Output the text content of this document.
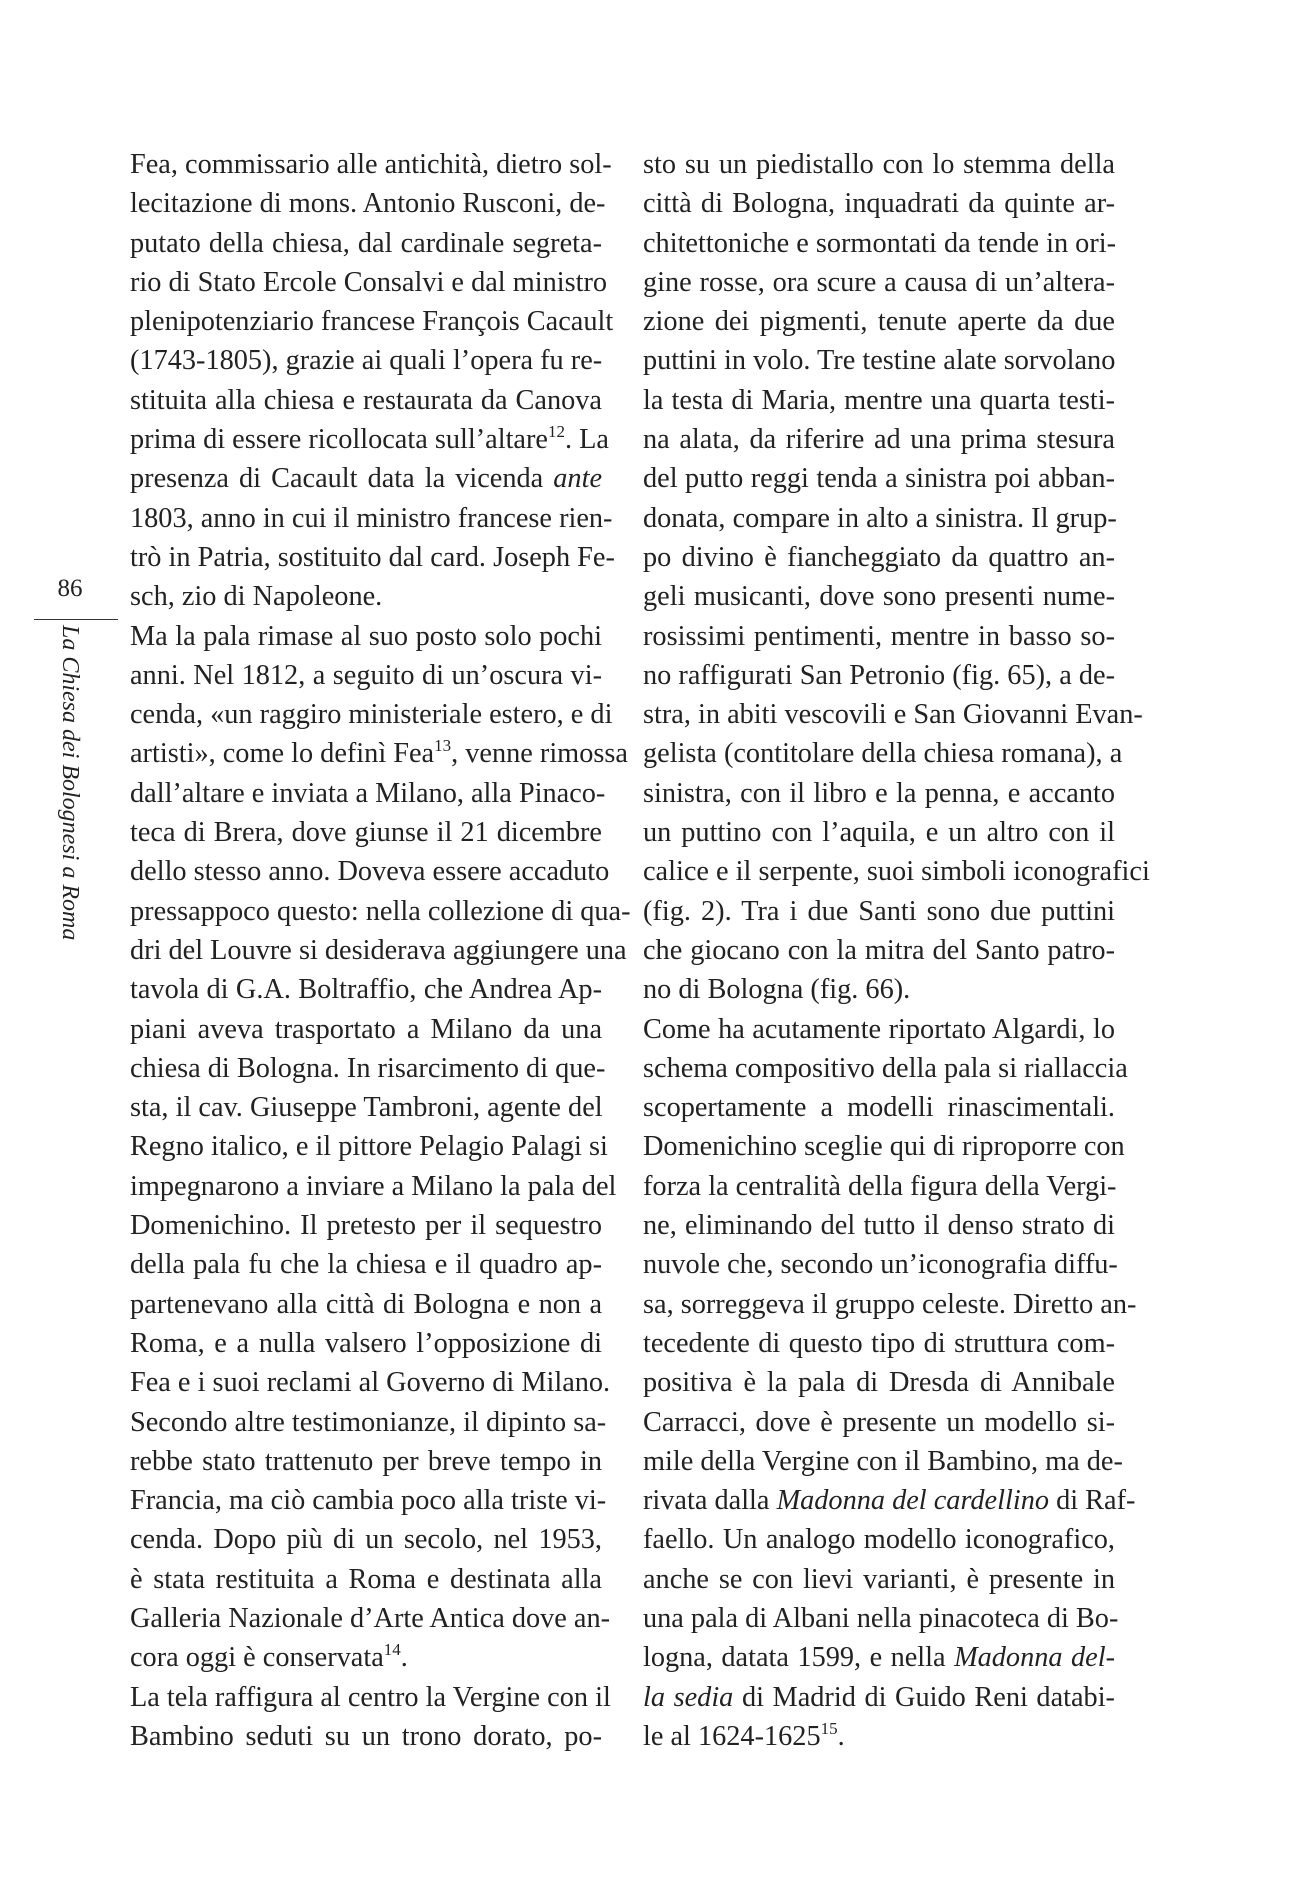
86
La Chiesa dei Bolognesi a Roma
Fea, commissario alle antichità, dietro sol-
lecitazione di mons. Antonio Rusconi, de-
putato della chiesa, dal cardinale segreta-
rio di Stato Ercole Consalvi e dal ministro
plenipotenziario francese François Cacault
(1743-1805), grazie ai quali l’opera fu re-
stituita alla chiesa e restaurata da Canova
prima di essere ricollocata sull’altare$^{12}$. La
presenza di Cacault data la vicenda ante
1803, anno in cui il ministro francese rien-
trò in Patria, sostituito dal card. Joseph Fe-
sch, zio di Napoleone.
Ma la pala rimase al suo posto solo pochi
anni. Nel 1812, a seguito di un’oscura vi-
cenda, «un raggiro ministeriale estero, e di
artisti», come lo definì Fea$^{13}$, venne rimossa
dall’altare e inviata a Milano, alla Pinaco-
teca di Brera, dove giunse il 21 dicembre
dello stesso anno. Doveva essere accaduto
pressappoco questo: nella collezione di qua-
dri del Louvre si desiderava aggiungere una
tavola di G.A. Boltraffio, che Andrea Ap-
piani aveva trasportato a Milano da una
chiesa di Bologna. In risarcimento di que-
sta, il cav. Giuseppe Tambroni, agente del
Regno italico, e il pittore Pelagio Palagi si
impegnarono a inviare a Milano la pala del
Domenichino. Il pretesto per il sequestro
della pala fu che la chiesa e il quadro ap-
partenevano alla città di Bologna e non a
Roma, e a nulla valsero l’opposizione di
Fea e i suoi reclami al Governo di Milano.
Secondo altre testimonianze, il dipinto sa-
rebbe stato trattenuto per breve tempo in
Francia, ma ciò cambia poco alla triste vi-
cenda. Dopo più di un secolo, nel 1953,
è stata restituita a Roma e destinata alla
Galleria Nazionale d’Arte Antica dove an-
cora oggi è conservata$^{14}$.
La tela raffigura al centro la Vergine con il
Bambino seduti su un trono dorato, po-
sto su un piedistallo con lo stemma della
città di Bologna, inquadrati da quinte ar-
chitettoniche e sormontati da tende in ori-
gine rosse, ora scure a causa di un’altera-
zione dei pigmenti, tenute aperte da due
puttini in volo. Tre testine alate sorvolano
la testa di Maria, mentre una quarta testi-
na alata, da riferire ad una prima stesura
del putto reggi tenda a sinistra poi abban-
donata, compare in alto a sinistra. Il grup-
po divino è fiancheggiato da quattro an-
geli musicanti, dove sono presenti nume-
rosissimi pentimenti, mentre in basso so-
no raffigurati San Petronio (fig. 65), a de-
stra, in abiti vescovili e San Giovanni Evan-
gelista (contitolare della chiesa romana), a
sinistra, con il libro e la penna, e accanto
un puttino con l’aquila, e un altro con il
calice e il serpente, suoi simboli iconografici
(fig. 2). Tra i due Santi sono due puttini
che giocano con la mitra del Santo patro-
no di Bologna (fig. 66).
Come ha acutamente riportato Algardi, lo
schema compositivo della pala si riallaccia
scopertamente a modelli rinascimentali.
Domenichino sceglie qui di riproporre con
forza la centralità della figura della Vergi-
ne, eliminando del tutto il denso strato di
nuvole che, secondo un’iconografia diffu-
sa, sorreggeva il gruppo celeste. Diretto an-
tecedente di questo tipo di struttura com-
positiva è la pala di Dresda di Annibale
Carracci, dove è presente un modello si-
mile della Vergine con il Bambino, ma de-
rivata dalla Madonna del cardellino di Raf-
faello. Un analogo modello iconografico,
anche se con lievi varianti, è presente in
una pala di Albani nella pinacoteca di Bo-
logna, datata 1599, e nella Madonna del-
la sedia di Madrid di Guido Reni databi-
le al 1624-1625$^{15}$.
